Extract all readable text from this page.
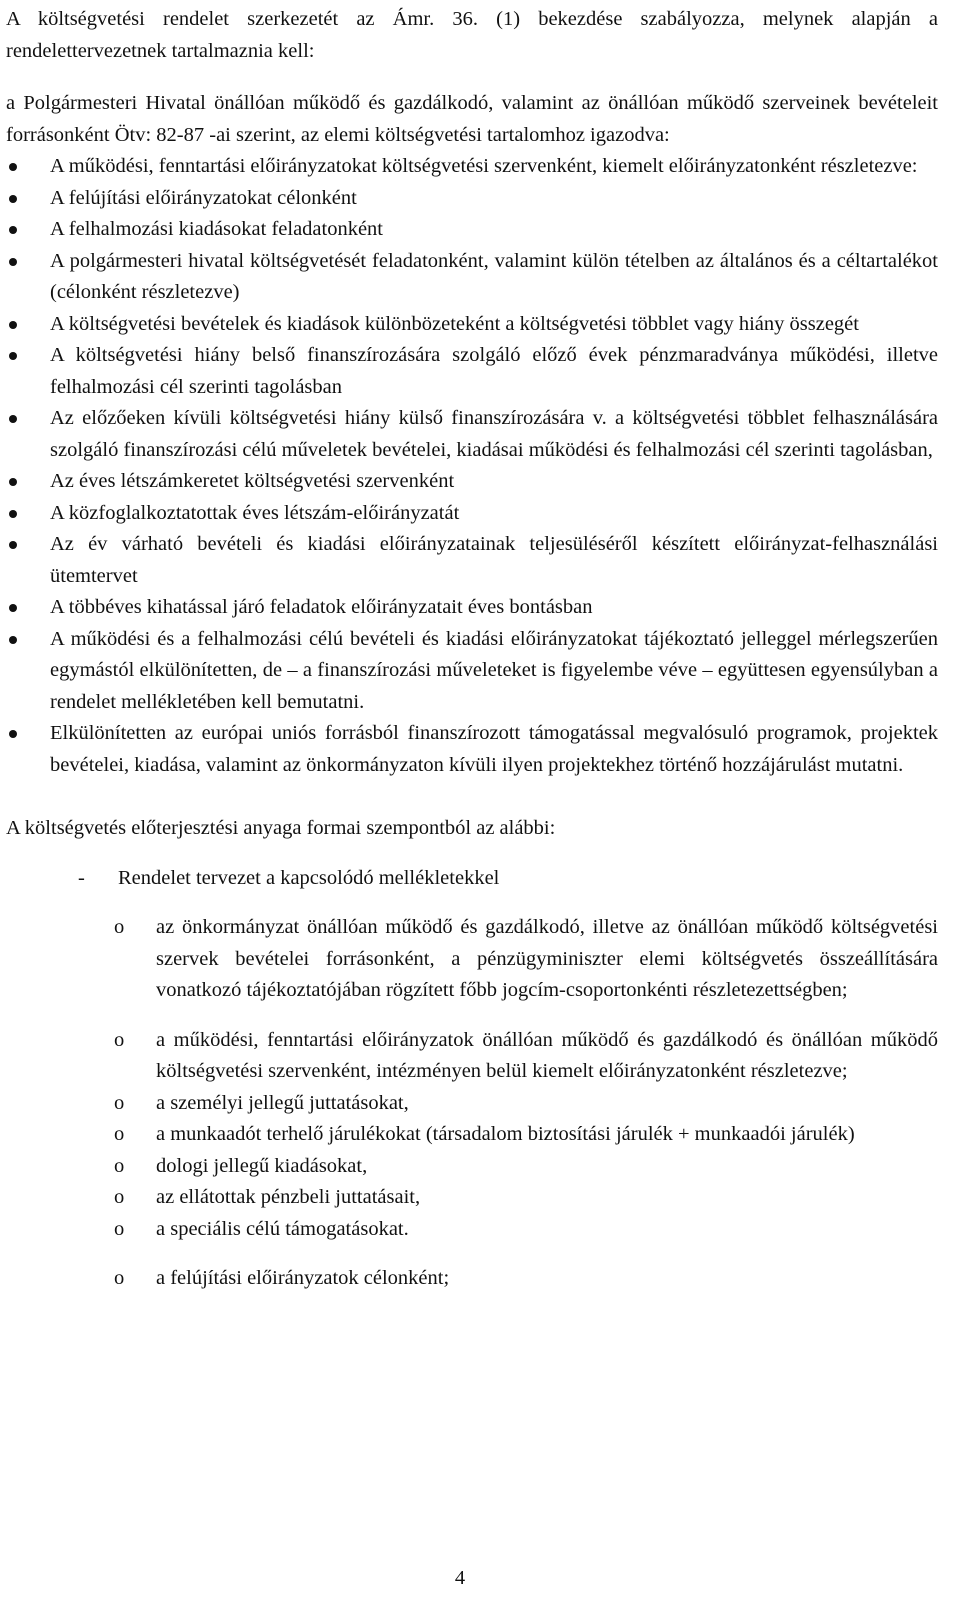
A költségvetési rendelet szerkezetét az Ámr. 36. (1) bekezdése szabályozza, melynek alapján a rendelettervezetnek tartalmaznia kell:

a Polgármesteri Hivatal önállóan működő és gazdálkodó, valamint az önállóan működő szerveinek bevételeit forrásonként Ötv: 82-87 -ai szerint, az elemi költségvetési tartalomhoz igazodva:

A működési, fenntartási előirányzatokat költségvetési szervenként, kiemelt előirányzatonként részletezve:
A felújítási előirányzatokat célonként
A felhalmozási kiadásokat feladatonként
A polgármesteri hivatal költségvetését feladatonként, valamint külön tételben az általános és a céltartalékot (célonként részletezve)
A költségvetési bevételek és kiadások különbözeteként a költségvetési többlet vagy hiány összegét
A költségvetési hiány belső finanszírozására szolgáló előző évek pénzmaradványa működési, illetve felhalmozási cél szerinti tagolásban
Az előzőeken kívüli költségvetési hiány külső finanszírozására v. a költségvetési többlet felhasználására szolgáló finanszírozási célú műveletek bevételei, kiadásai működési és felhalmozási cél szerinti tagolásban,
Az éves létszámkeretet költségvetési szervenként
A közfoglalkoztatottak éves létszám-előirányzatát
Az év várható bevételi és kiadási előirányzatainak teljesüléséről készített előirányzat-felhasználási ütemtervet
A többéves kihatással járó feladatok előirányzatait éves bontásban
A működési és a felhalmozási célú bevételi és kiadási előirányzatokat tájékoztató jelleggel mérlegszerűen egymástól elkülönítetten, de – a finanszírozási műveleteket is figyelembe véve – együttesen egyensúlyban a rendelet mellékletében kell bemutatni.
Elkülönítetten az európai uniós forrásból finanszírozott támogatással megvalósuló programok, projektek bevételei, kiadása, valamint az önkormányzaton kívüli ilyen projektekhez történő hozzájárulást mutatni.

A költségvetés előterjesztési anyaga formai szempontból az alábbi:

- Rendelet tervezet a kapcsolódó mellékletekkel
o az önkormányzat önállóan működő és gazdálkodó, illetve az önállóan működő költségvetési szervek bevételei forrásonként, a pénzügyminiszter elemi költségvetés összeállítására vonatkozó tájékoztatójában rögzített főbb jogcím-csoportonkénti részletezettségben;
o a működési, fenntartási előirányzatok önállóan működő és gazdálkodó és önállóan működő költségvetési szervenként, intézményen belül kiemelt előirányzatonként részletezve;
o a személyi jellegű juttatásokat,
o a munkaadót terhelő járulékokat (társadalom biztosítási járulék + munkaadói járulék)
o dologi jellegű kiadásokat,
o az ellátottak pénzbeli juttatásait,
o a speciális célú támogatásokat.
o a felújítási előirányzatok célonként;
4
